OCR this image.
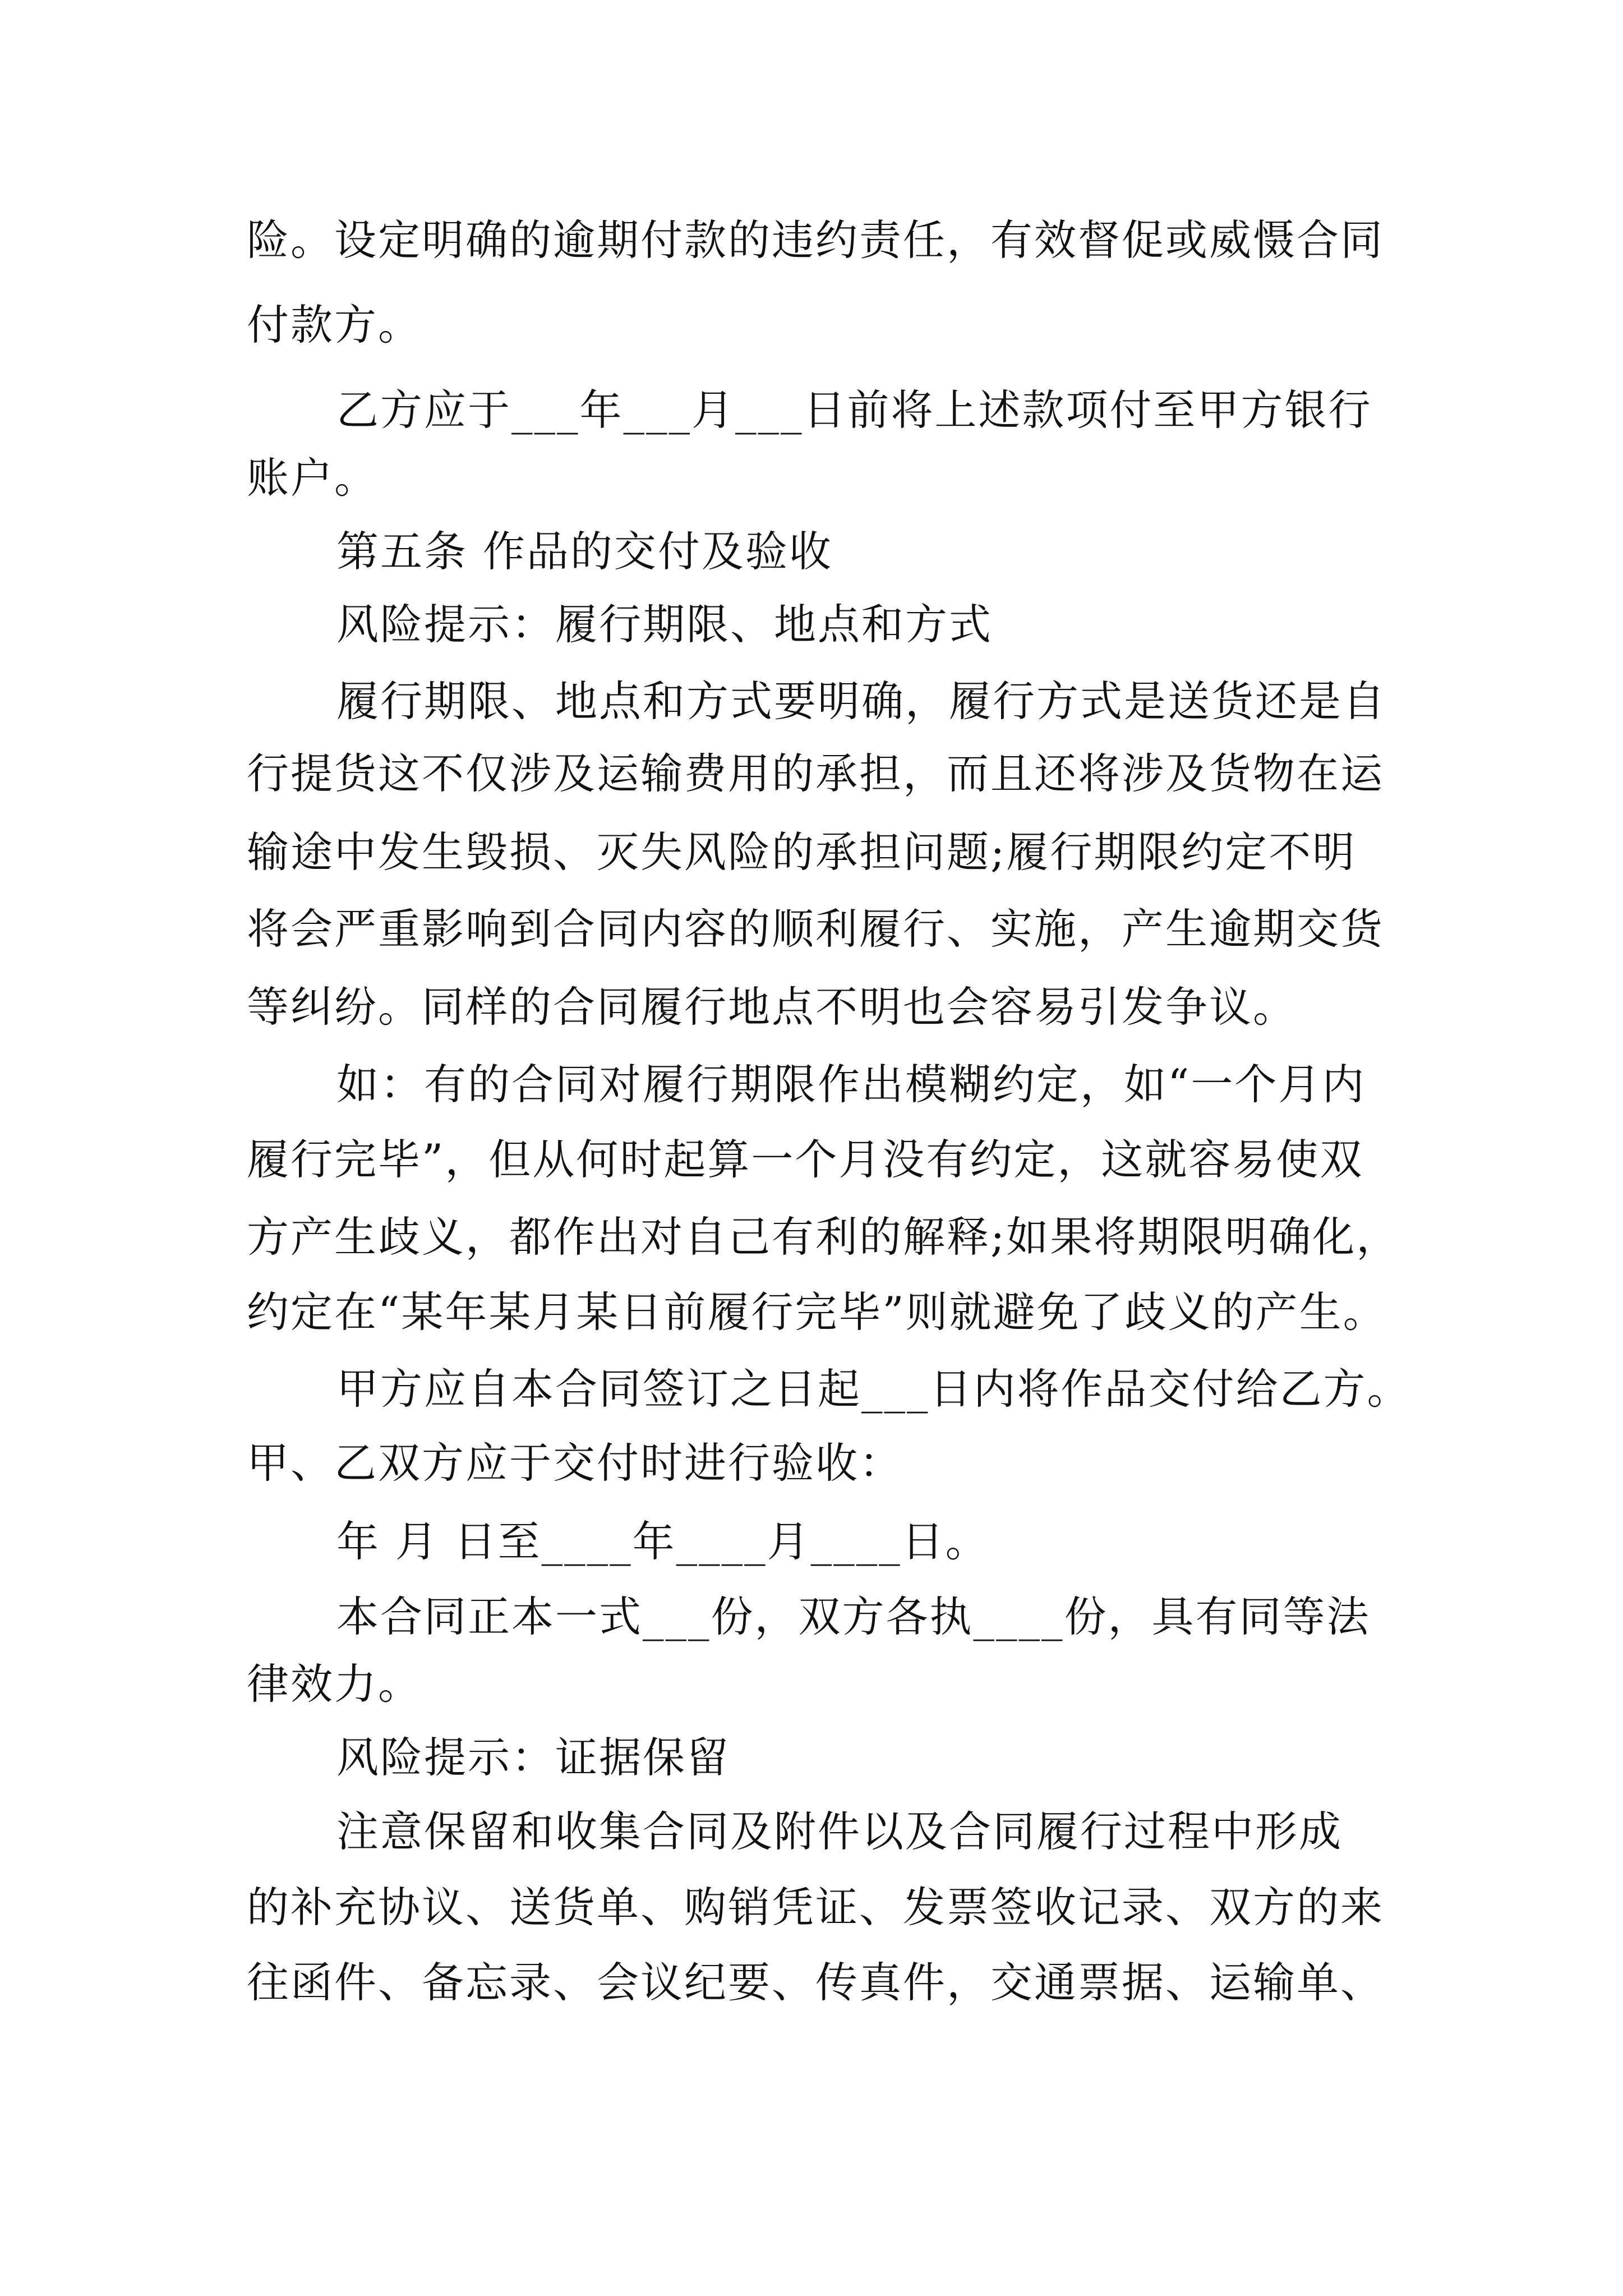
险。设定明确的逾期付款的违约责任，有效督促或威慑合同
付款方。
乙方应于___年___月___日前将上述款项付至甲方银行
账户。
第五条 作品的交付及验收
风险提示：履行期限、地点和方式
履行期限、地点和方式要明确，履行方式是送货还是自
行提货这不仅涉及运输费用的承担，而且还将涉及货物在运
输途中发生毁损、灭失风险的承担问题;履行期限约定不明
将会严重影响到合同内容的顺利履行、实施，产生逾期交货
等纠纷。同样的合同履行地点不明也会容易引发争议。
如：有的合同对履行期限作出模糊约定，如“一个月内
履行完毕”，但从何时起算一个月没有约定，这就容易使双
方产生歧义，都作出对自己有利的解释;如果将期限明确化，
约定在“某年某月某日前履行完毕”则就避免了歧义的产生。
甲方应自本合同签订之日起___日内将作品交付给乙方。
甲、乙双方应于交付时进行验收：
年 月 日至____年____月____日。
本合同正本一式___份，双方各执____份，具有同等法
律效力。
风险提示：证据保留
注意保留和收集合同及附件以及合同履行过程中形成
的补充协议、送货单、购销凭证、发票签收记录、双方的来
往函件、备忘录、会议纪要、传真件，交通票据、运输单、
